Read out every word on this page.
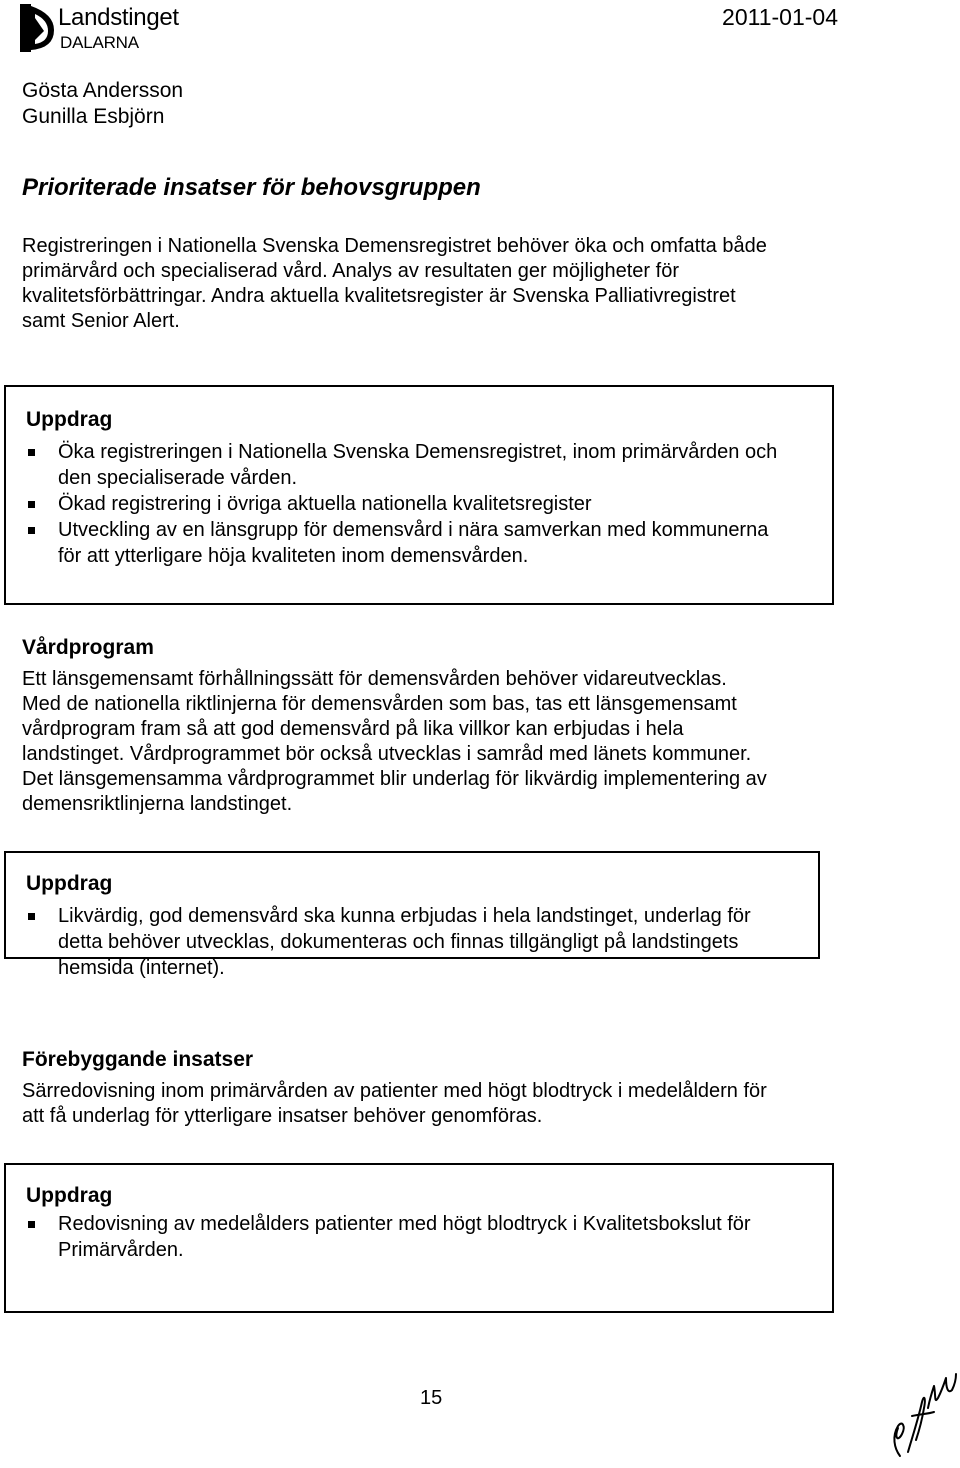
Landstinget
DALARNA
2011-01-04
Gösta Andersson
Gunilla Esbjörn
Prioriterade insatser för behovsgruppen
Registreringen i Nationella Svenska Demensregistret behöver öka och omfatta både
primärvård och specialiserad vård. Analys av resultaten ger möjligheter för
kvalitetsförbättringar. Andra aktuella kvalitetsregister är Svenska Palliativregistret
samt Senior Alert.
Uppdrag
Öka registreringen i Nationella Svenska Demensregistret, inom primärvården och
den specialiserade vården.
Ökad registrering i övriga aktuella nationella kvalitetsregister
Utveckling av en länsgrupp för demensvård i nära samverkan med kommunerna
för att ytterligare höja kvaliteten inom demensvården.
Vårdprogram
Ett länsgemensamt förhållningssätt för demensvården behöver vidareutvecklas.
Med de nationella riktlinjerna för demensvården som bas, tas ett länsgemensamt
vårdprogram fram så att god demensvård på lika villkor kan erbjudas i hela
landstinget. Vårdprogrammet bör också utvecklas i samråd med länets kommuner.
Det länsgemensamma vårdprogrammet blir underlag för likvärdig implementering av
demensriktlinjerna landstinget.
Uppdrag
Likvärdig, god demensvård ska kunna erbjudas i hela landstinget, underlag för
detta behöver utvecklas, dokumenteras och finnas tillgängligt på landstingets
hemsida (internet).
Förebyggande insatser
Särredovisning inom primärvården av patienter med högt blodtryck i medelåldern för
att få underlag för ytterligare insatser behöver genomföras.
Uppdrag
Redovisning av medelålders patienter med högt blodtryck i Kvalitetsbokslut för
Primärvården.
15
